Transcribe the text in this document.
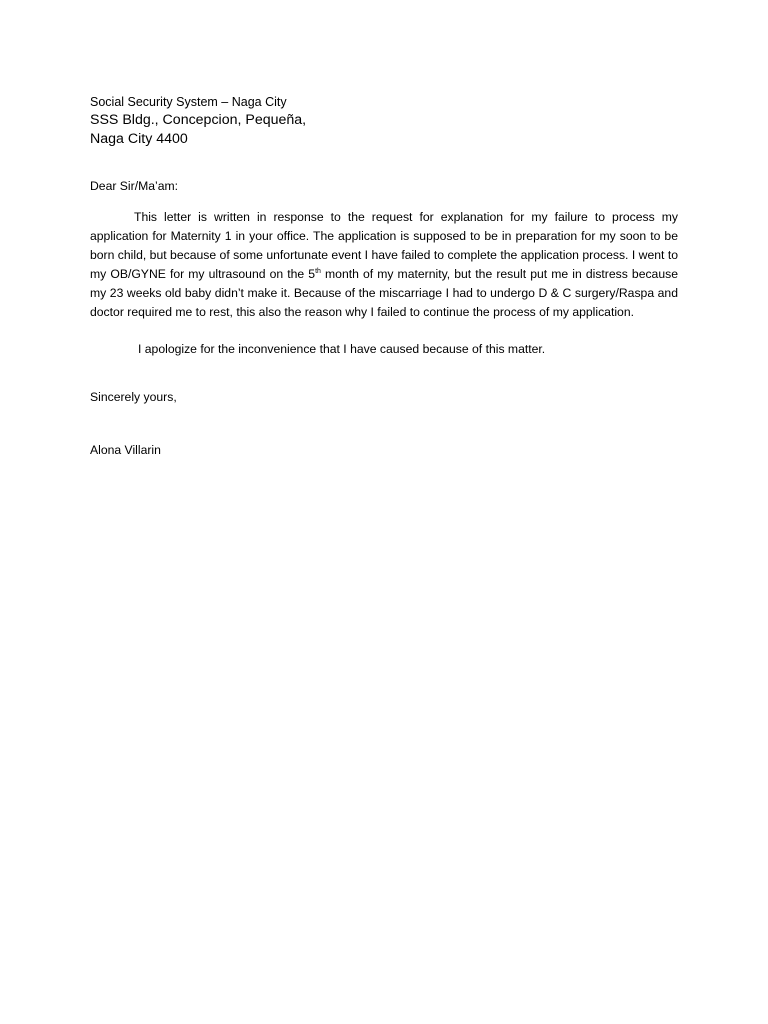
Social Security System – Naga City
SSS Bldg., Concepcion, Pequeña,
Naga City 4400
Dear Sir/Ma’am:

This letter is written in response to the request for explanation for my failure to process my application for Maternity 1 in your office. The application is supposed to be in preparation for my soon to be born child, but because of some unfortunate event I have failed to complete the application process. I went to my OB/GYNE for my ultrasound on the 5th month of my maternity, but the result put me in distress because my 23 weeks old baby didn’t make it. Because of the miscarriage I had to undergo D & C surgery/Raspa and doctor required me to rest, this also the reason why I failed to continue the process of my application.

I apologize for the inconvenience that I have caused because of this matter.

Sincerely yours,
Alona Villarin
